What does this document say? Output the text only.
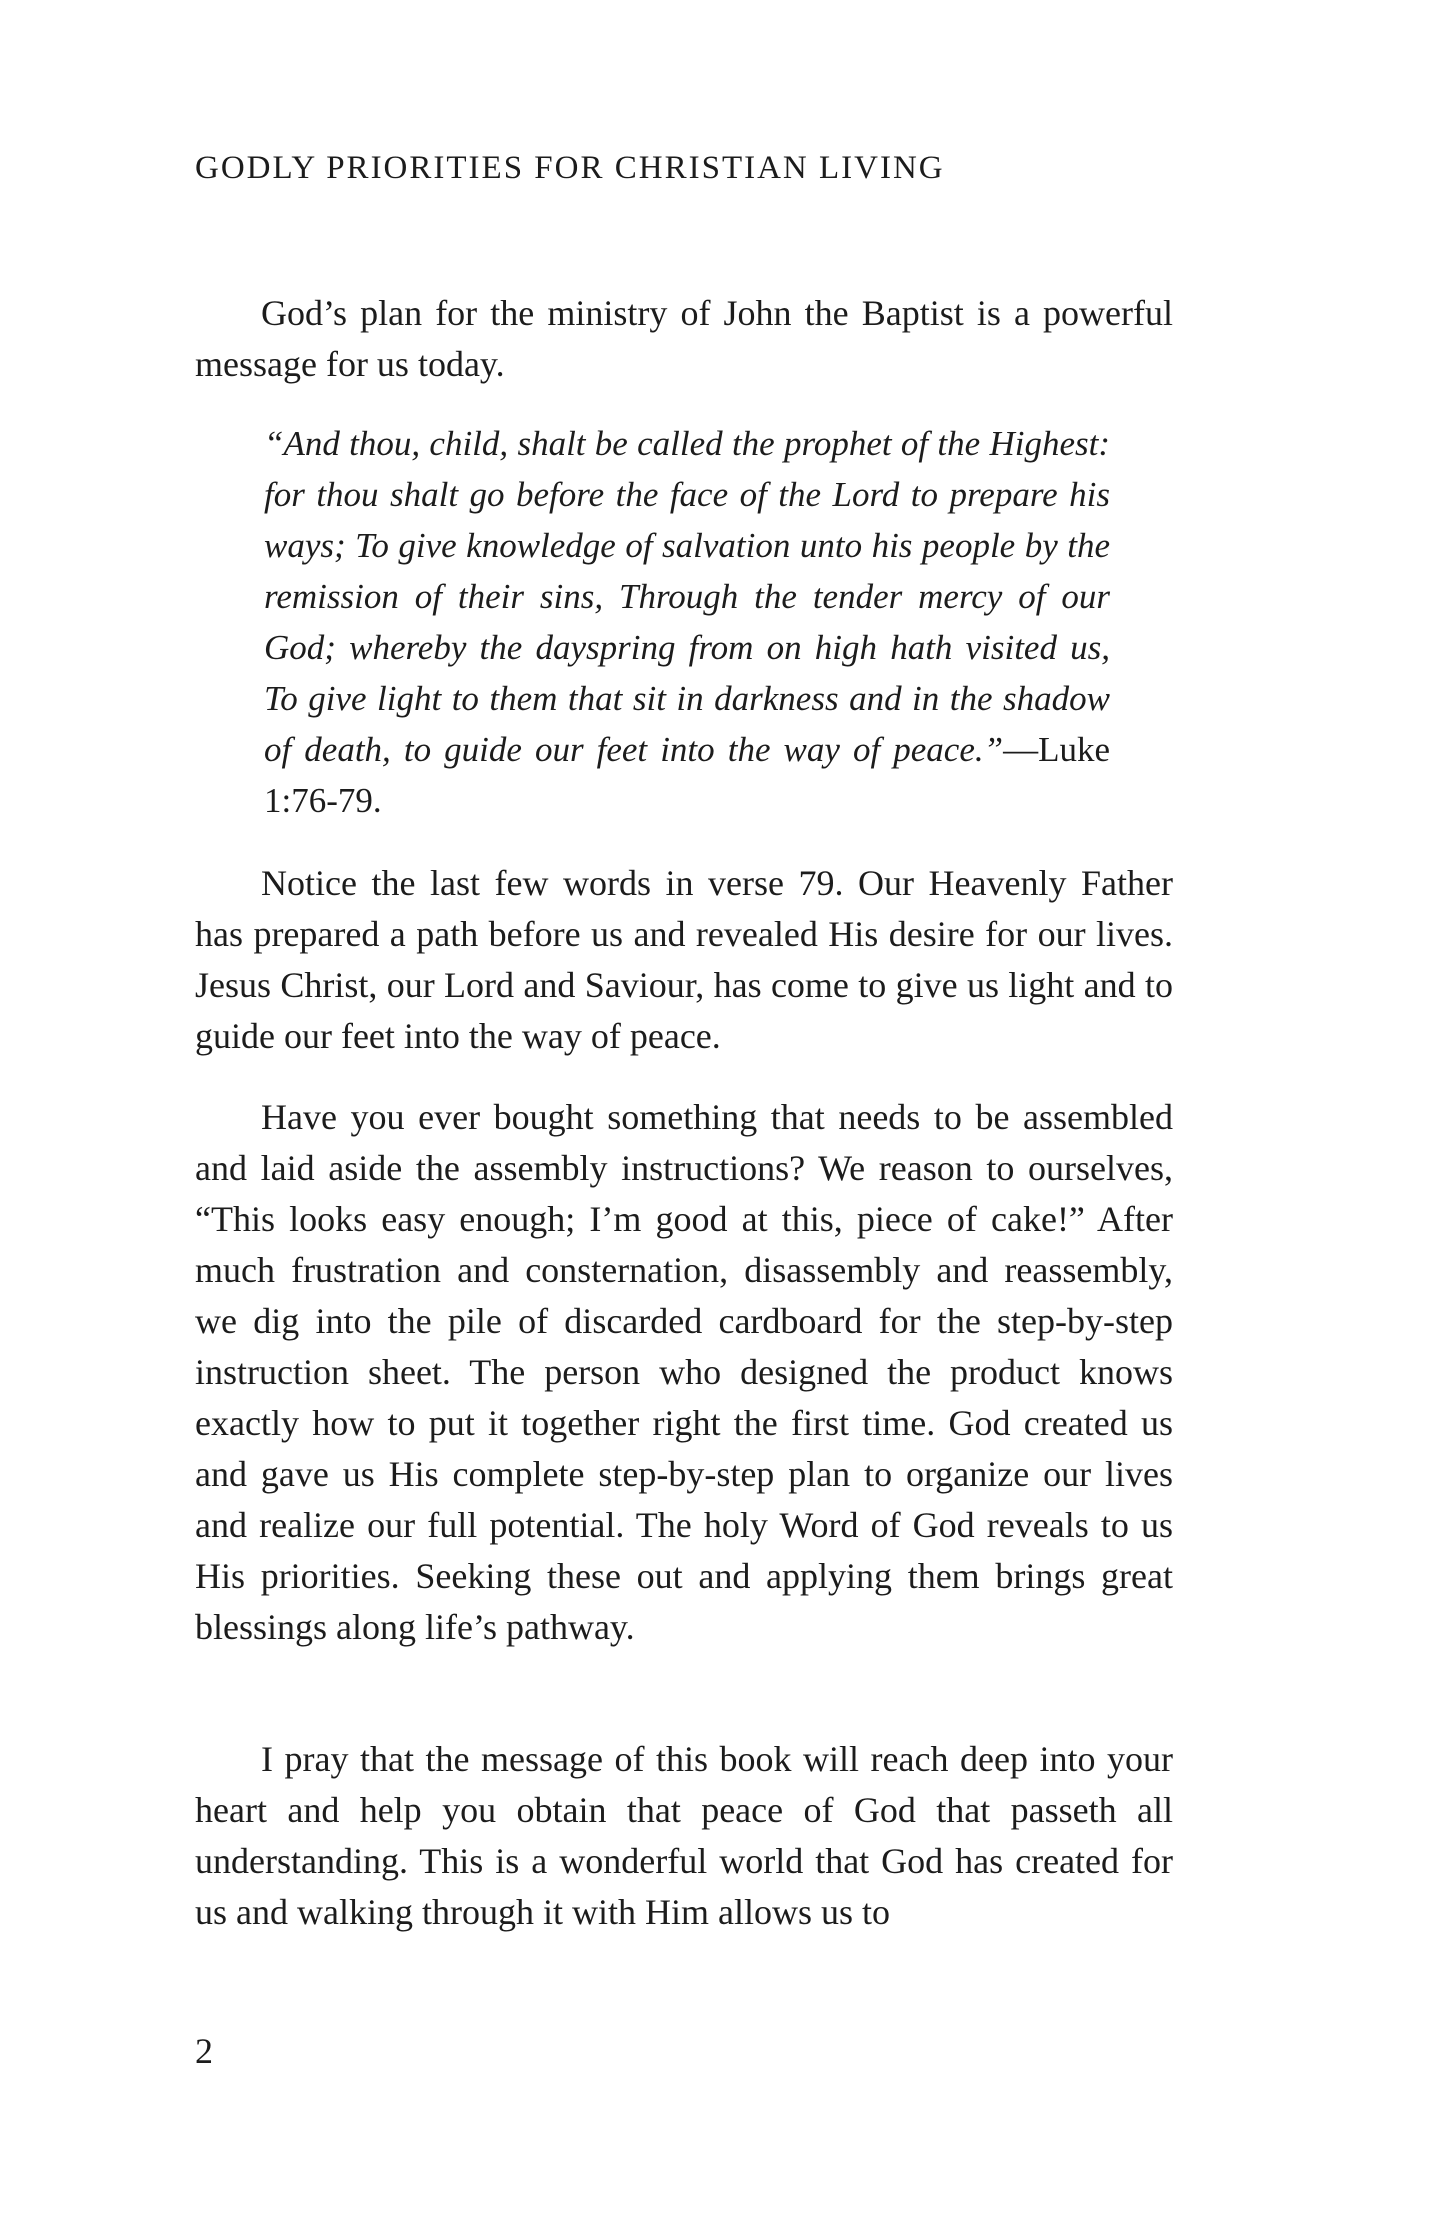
GODLY PRIORITIES FOR CHRISTIAN LIVING

God’s plan for the ministry of John the Baptist is a powerful message for us today.

“And thou, child, shalt be called the prophet of the Highest: for thou shalt go before the face of the Lord to prepare his ways; To give knowledge of salvation unto his people by the remission of their sins, Through the tender mercy of our God; whereby the dayspring from on high hath visited us, To give light to them that sit in darkness and in the shadow of death, to guide our feet into the way of peace.”—Luke 1:76-79.

Notice the last few words in verse 79. Our Heavenly Father has prepared a path before us and revealed His desire for our lives. Jesus Christ, our Lord and Saviour, has come to give us light and to guide our feet into the way of peace.

Have you ever bought something that needs to be assembled and laid aside the assembly instructions? We reason to ourselves, “This looks easy enough; I’m good at this, piece of cake!” After much frustration and consternation, disassembly and reassembly, we dig into the pile of discarded cardboard for the step-by-step instruction sheet. The person who designed the product knows exactly how to put it together right the first time. God created us and gave us His complete step-by-step plan to organize our lives and realize our full potential. The holy Word of God reveals to us His priorities. Seeking these out and applying them brings great blessings along life’s pathway.

I pray that the message of this book will reach deep into your heart and help you obtain that peace of God that passeth all understanding. This is a wonderful world that God has created for us and walking through it with Him allows us to

2
